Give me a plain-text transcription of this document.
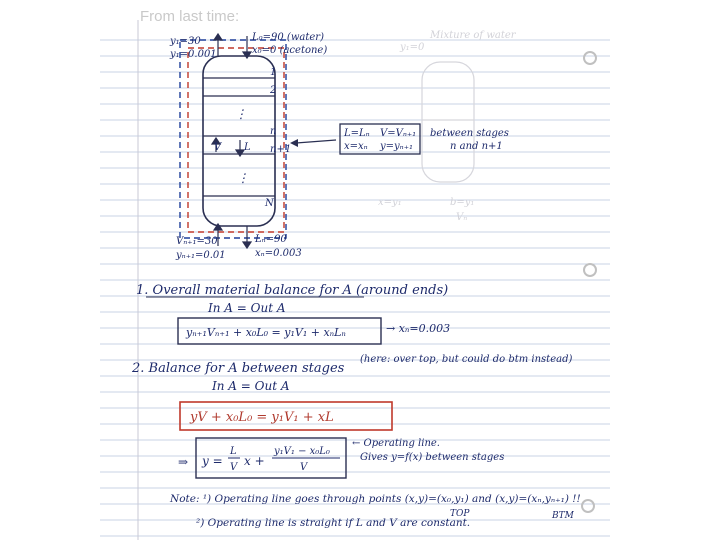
From last time:
Mixture of water
y₁=0
x=y₁	b=y₁
Vₙ
V L
⋮
⋮
1
2
n
n+1
N
y₁=30
y₁=0.001
L₀=90 (water)
x₀=0 (acetone)
Vₙ₊₁=30
yₙ₊₁=0.01
Lₙ=90
xₙ=0.003
L=Lₙ
x=xₙ
V=Vₙ₊₁
y=yₙ₊₁
between stages
n and n+1
1. Overall material balance for A (around ends)
In A = Out A
yₙ₊₁Vₙ₊₁ + x₀L₀ = y₁V₁ + xₙLₙ	→ xₙ=0.003
2. Balance for A between stages
(here: over top, but could do btm instead)
In A = Out A
yV + x₀L₀ = y₁V₁ + xL
⇒ y =
L
V x +
y₁V₁ − x₀L₀
V
← Operating line.
Gives y=f(x) between stages
Note: ¹) Operating line goes through points (x,y)=(x₀,y₁) and (x,y)=(xₙ,yₙ₊₁) !!
²) Operating line is straight if L and V are constant.
TOP	BTM
